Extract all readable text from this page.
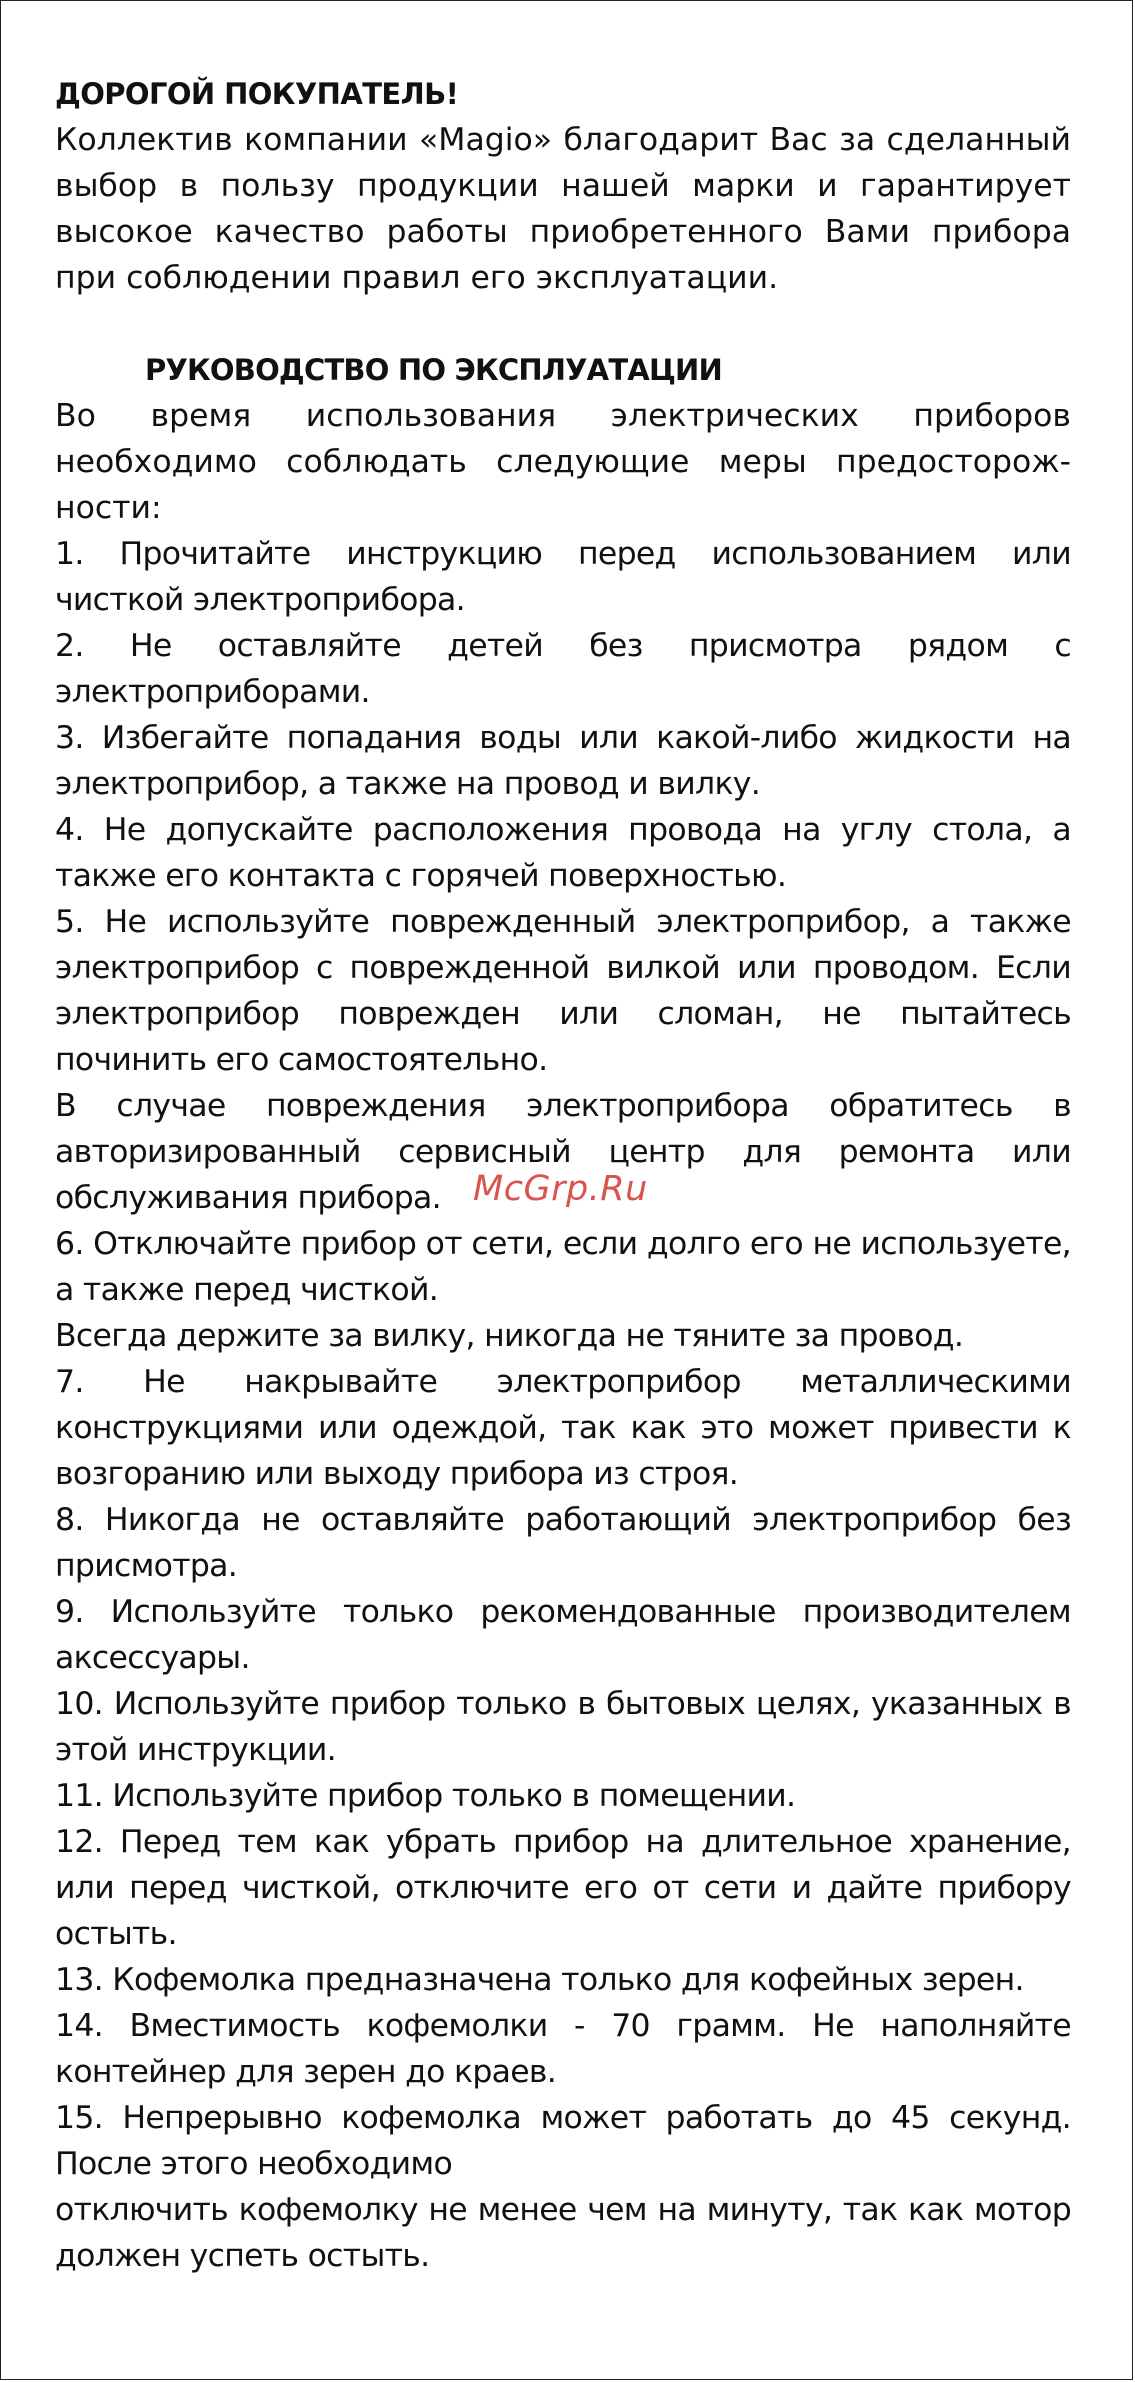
ДОРОГОЙ ПОКУПАТЕЛЬ!

Коллектив компании «Magio» благодарит Вас за сделанный выбор в пользу продукции нашей марки и гарантирует высокое качество работы приобретенного Вами прибора при соблюдении правил его эксплуатации.

РУКОВОДСТВО ПО ЭКСПЛУАТАЦИИ

Во время использования электрических приборов необходимо соблюдать следующие меры предосторож-ности:

1. Прочитайте инструкцию перед использованием или чисткой электроприбора.

2. Не оставляйте детей без присмотра рядом с электроприборами.

3. Избегайте попадания воды или какой-либо жидкости на электроприбор, а также на провод и вилку.

4. Не допускайте расположения провода на углу стола, а также его контакта с горячей поверхностью.

5. Не используйте поврежденный электроприбор, а также электроприбор с поврежденной вилкой или проводом. Если электроприбор поврежден или сломан, не пытайтесь починить его самостоятельно.

В случае повреждения электроприбора обратитесь в авторизированный сервисный центр для ремонта или обслуживания прибора.

6. Отключайте прибор от сети, если долго его не используете, а также перед чисткой.

Всегда держите за вилку, никогда не тяните за провод.

7. Не накрывайте электроприбор металлическими конструкциями или одеждой, так как это может привести к возгоранию или выходу прибора из строя.

8. Никогда не оставляйте работающий электроприбор без присмотра.

9. Используйте только рекомендованные производителем аксессуары.

10. Используйте прибор только в бытовых целях, указанных в этой инструкции.

11. Используйте прибор только в помещении.

12. Перед тем как убрать прибор на длительное хранение, или перед чисткой, отключите его от сети и дайте прибору остыть.

13. Кофемолка предназначена только для кофейных зерен.

14. Вместимость кофемолки - 70 грамм. Не наполняйте контейнер для зерен до краев.

15. Непрерывно кофемолка может работать до 45 секунд. После этого необходимо

отключить кофемолку не менее чем на минуту, так как мотор должен успеть остыть.

McGrp.Ru
